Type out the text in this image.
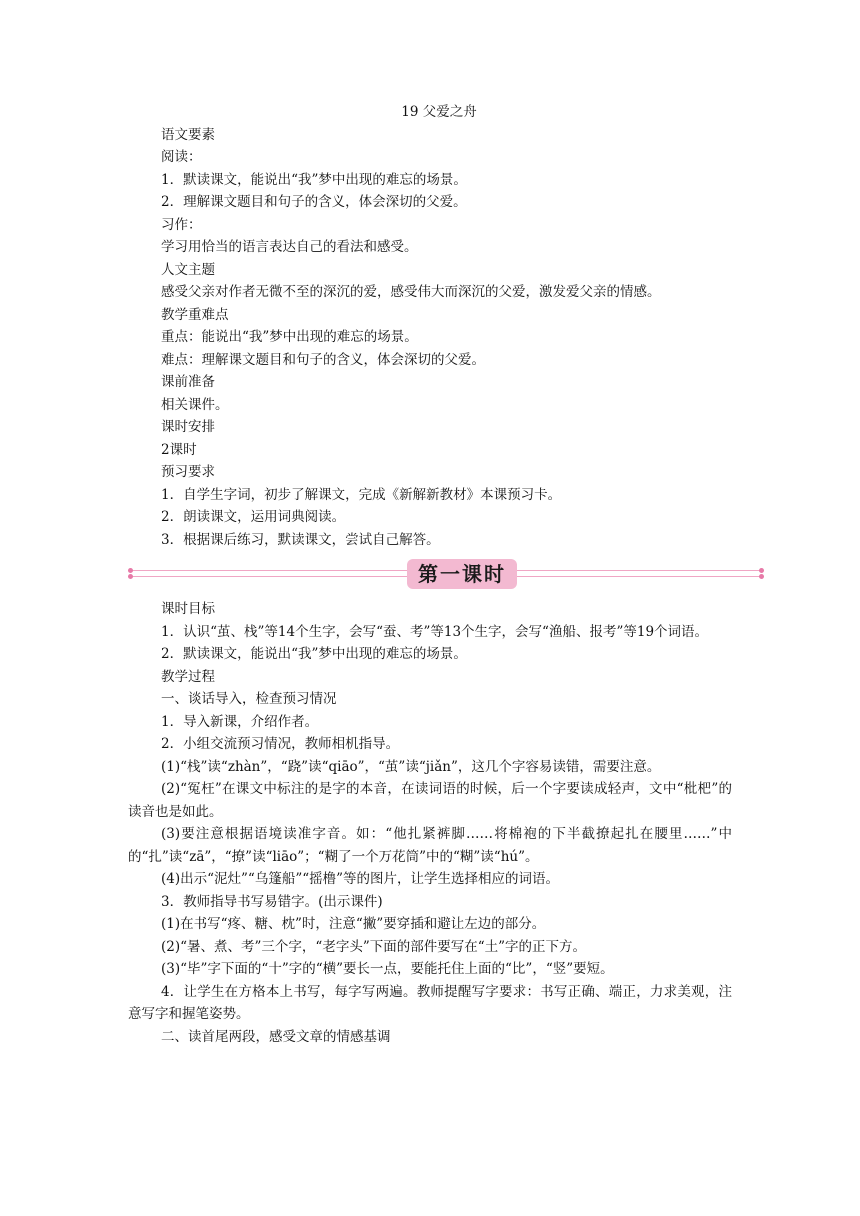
19 父爱之舟

语文要素

阅读：

1．默读课文，能说出“我”梦中出现的难忘的场景。

2．理解课文题目和句子的含义，体会深切的父爱。

习作：

学习用恰当的语言表达自己的看法和感受。

人文主题

感受父亲对作者无微不至的深沉的爱，感受伟大而深沉的父爱，激发爱父亲的情感。

教学重难点

重点：能说出“我”梦中出现的难忘的场景。

难点：理解课文题目和句子的含义，体会深切的父爱。

课前准备

相关课件。

课时安排

2课时

预习要求

1．自学生字词，初步了解课文，完成《新解新教材》本课预习卡。

2．朗读课文，运用词典阅读。

3．根据课后练习，默读课文，尝试自己解答。

第 一 课 时

课时目标

1．认识“茧、栈”等14个生字，会写“蚕、考”等13个生字，会写“渔船、报考”等19个词语。

2．默读课文，能说出“我”梦中出现的难忘的场景。

教学过程

一、谈话导入，检查预习情况

1．导入新课，介绍作者。

2．小组交流预习情况，教师相机指导。

(1)“栈”读“zhàn”，“跷”读“qiāo”，“茧”读“jiǎn”，这几个字容易读错，需要注意。

(2)“冤枉”在课文中标注的是字的本音，在读词语的时候，后一个字要读成轻声，文中“枇杷”的读音也是如此。

(3)要注意根据语境读准字音。如：“他扎紧裤脚……将棉袍的下半截撩起扎在腰里……”中的“扎”读“zā”，“撩”读“liāo”；“糊了一个万花筒”中的“糊”读“hú”。

(4)出示“泥灶”“乌篷船”“摇橹”等的图片，让学生选择相应的词语。

3．教师指导书写易错字。(出示课件)

(1)在书写“疼、糖、枕”时，注意“撇”要穿插和避让左边的部分。

(2)“暑、煮、考”三个字，“老字头”下面的部件要写在“土”字的正下方。

(3)“毕”字下面的“十”字的“横”要长一点，要能托住上面的“比”，“竖”要短。

4．让学生在方格本上书写，每字写两遍。教师提醒写字要求：书写正确、端正，力求美观，注意写字和握笔姿势。

二、读首尾两段，感受文章的情感基调
